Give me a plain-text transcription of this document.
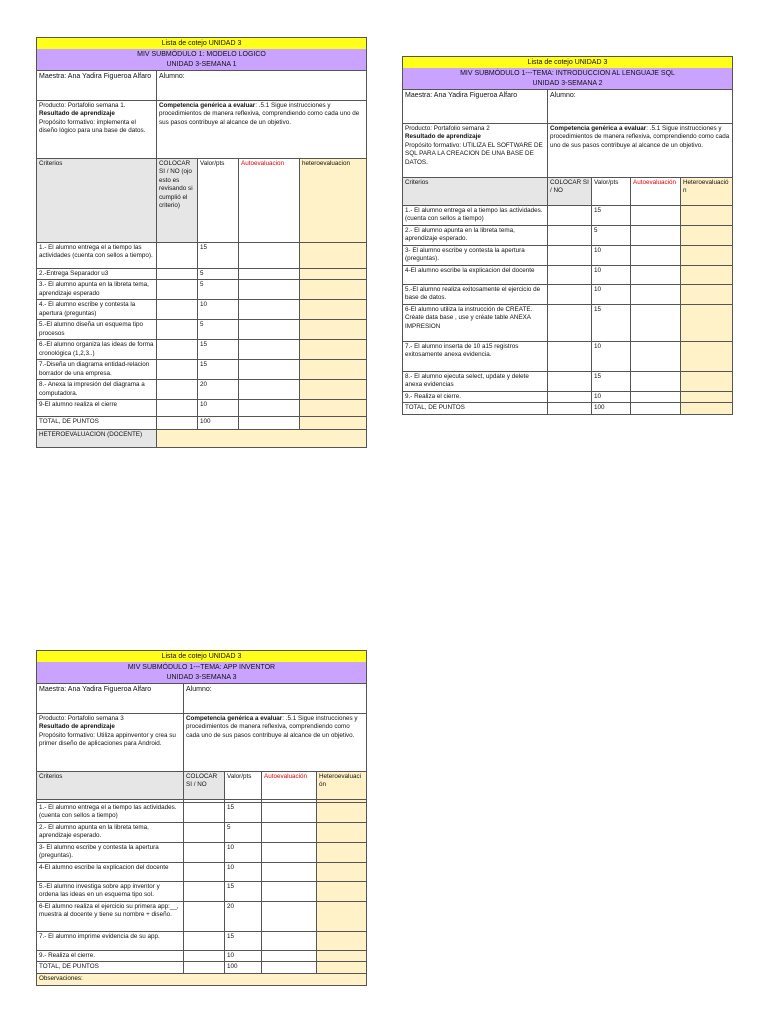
Lista de cotejo UNIDAD 3				

MIV SUBMÓDULO 1: MODELO LOGICO
UNIDAD 3-SEMANA 1				

Maestra: Ana Yadira Figueroa Alfaro	Alumno:			

Producto: Portafolio semana 1.
Resultado de aprendizaje
Propósito formativo: implementa el diseño lógico para una base de datos.	Competencia genérica a evaluar: .5.1 Sigue instrucciones y procedimientos de manera reflexiva, comprendiendo como cada uno de sus pasos contribuye al alcance de un objetivo.			
Criterios	COLOCAR SI / NO (ojo esto es revisando si cumplió el criterio)	Valor/pts	Autoevaluacion	heteroevaluacion
1.- El alumno entrega el a tiempo las actividades (cuenta con sellos a tiempo).		15		
2.-Entrega Separador u3		5		
3.- El alumno apunta en la libreta tema, aprendizaje esperado		5		
4.- El alumno escribe y contesta la apertura (preguntas)		10		
5.-El alumno diseña un esquema tipo procesos		5		
6.-El alumno organiza las ideas de forma cronológica (1,2,3..)		15		
7.-Diseña un diagrama entidad-relacion borrador de una empresa.		15		
8.- Anexa la impresión del diagrama a computadora.		20		
9-El alumno realiza el cierre		10		
TOTAL, DE PUNTOS		100		
HETEROEVALUACION (DOCENTE)				
Lista de cotejo UNIDAD 3				

MIV SUBMÓDULO 1---TEMA: INTRODUCCION AL LENGUAJE SQL
UNIDAD 3-SEMANA 2				

Maestra: Ana Yadira Figueroa Alfaro	Alumno:			

Producto: Portafolio semana 2
Resultado de aprendizaje
Propósito formativo: UTILIZA EL SOFTWARE DE SQL PARA LA CREACION DE UNA BASE DE DATOS.	Competencia genérica a evaluar: .5.1 Sigue instrucciones y procedimientos de manera reflexiva, comprendiendo como cada uno de sus pasos contribuye al alcance de un objetivo.			
Criterios	COLOCAR SI / NO	Valor/pts	Autoevaluación	Heteroevaluación
1.- El alumno entrega el a tiempo las actividades. (cuenta con sellos a tiempo)		15		
2.- El alumno apunta en la libreta tema, aprendizaje esperado.		5		
3- El alumno escribe y contesta la apertura (preguntas).		10		
4-El alumno escribe la explicacion del docente		10		
5.-El alumno realiza exitosamente el ejercicio de base de datos.		10		
6-El alumno utiliza la instrucción de CREATE. Créate data base , use y créate table ANEXA IMPRESION		15		
7.- El alumno inserta de 10 a15 registros exitosamente anexa evidencia.		10		
8.- El alumno ejecuta select, update y delete anexa evidencias		15		
9.- Realiza el cierre.		10		
TOTAL, DE PUNTOS		100		
Lista de cotejo UNIDAD 3				

MIV SUBMÓDULO 1---TEMA: APP INVENTOR
UNIDAD 3-SEMANA 3				

Maestra: Ana Yadira Figueroa Alfaro	Alumno:			

Producto: Portafolio semana 3
Resultado de aprendizaje
Propósito formativo: Utiliza appinventor y crea su primer diseño de aplicaciones para Android.	Competencia genérica a evaluar: .5.1 Sigue instrucciones y procedimientos de manera reflexiva, comprendiendo como cada uno de sus pasos contribuye al alcance de un objetivo.			
Criterios	COLOCAR SI / NO	Valor/pts	Autoevaluación	Heteroevaluación

1.- El alumno entrega el a tiempo las actividades. (cuenta con sellos a tiempo)		15		
2.- El alumno apunta en la libreta tema, aprendizaje esperado.		5		
3- El alumno escribe y contesta la apertura (preguntas).		10		
4-El alumno escribe la explicacion del docente		10		
5.-El alumno investiga sobre app inventor y ordena las ideas en un esquema tipo sol.		15		
6-El alumno realiza el ejercicio su primera app:__, muestra al docente y tiene su nombre + diseño.		20		
7.- El alumno imprime evidencia de su app.		15		
9.- Realiza el cierre.		10		
TOTAL, DE PUNTOS		100		
Observaciones:				
